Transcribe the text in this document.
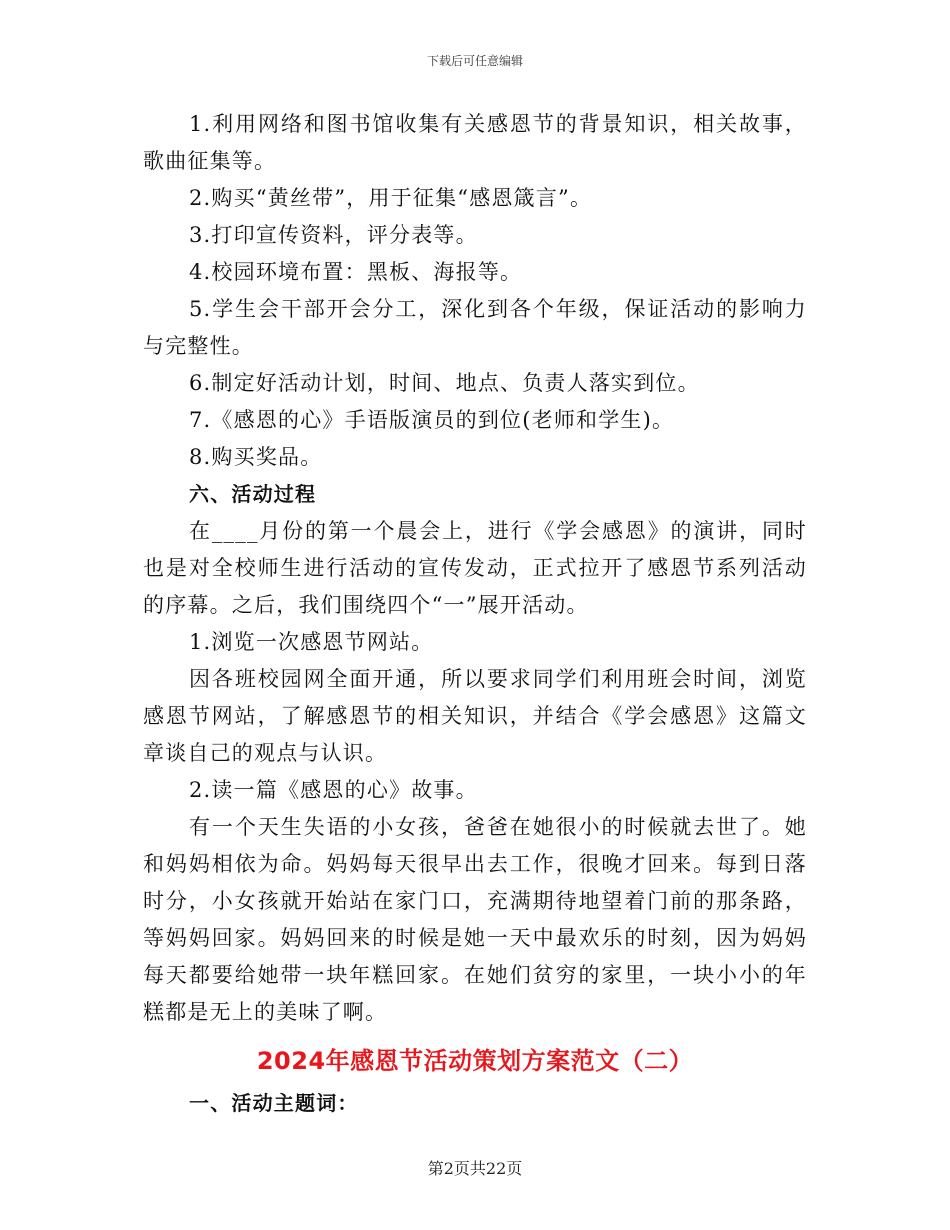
下载后可任意编辑

1.利用网络和图书馆收集有关感恩节的背景知识，相关故事，歌曲征集等。

2.购买“黄丝带”，用于征集“感恩箴言”。

3.打印宣传资料，评分表等。

4.校园环境布置：黑板、海报等。

5.学生会干部开会分工，深化到各个年级，保证活动的影响力与完整性。

6.制定好活动计划，时间、地点、负责人落实到位。

7.《感恩的心》手语版演员的到位(老师和学生)。

8.购买奖品。

六、活动过程

在____月份的第一个晨会上，进行《学会感恩》的演讲，同时也是对全校师生进行活动的宣传发动，正式拉开了感恩节系列活动的序幕。之后，我们围绕四个“一”展开活动。

1.浏览一次感恩节网站。

因各班校园网全面开通，所以要求同学们利用班会时间，浏览感恩节网站，了解感恩节的相关知识，并结合《学会感恩》这篇文章谈自己的观点与认识。

2.读一篇《感恩的心》故事。

有一个天生失语的小女孩，爸爸在她很小的时候就去世了。她和妈妈相依为命。妈妈每天很早出去工作，很晚才回来。每到日落时分，小女孩就开始站在家门口，充满期待地望着门前的那条路，等妈妈回家。妈妈回来的时候是她一天中最欢乐的时刻，因为妈妈每天都要给她带一块年糕回家。在她们贫穷的家里，一块小小的年糕都是无上的美味了啊。

2024年感恩节活动策划方案范文（二）

一、活动主题词：

第2页共22页
